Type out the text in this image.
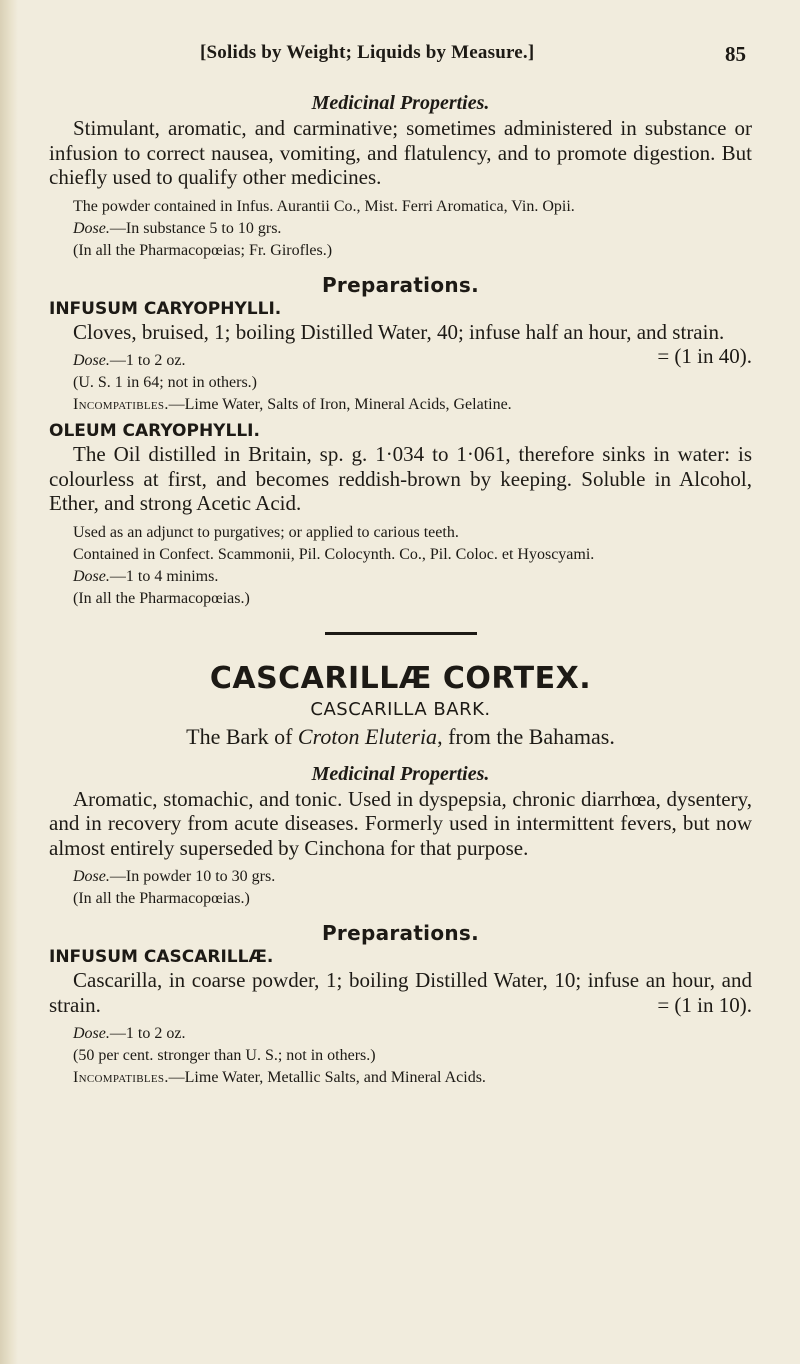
[Solids by Weight; Liquids by Measure.]	85
Medicinal Properties.

Stimulant, aromatic, and carminative; sometimes administered in substance or infusion to correct nausea, vomiting, and flatulency, and to promote digestion. But chiefly used to qualify other medicines.

The powder contained in Infus. Aurantii Co., Mist. Ferri Aromatica, Vin. Opii.

Dose.—In substance 5 to 10 grs.

(In all the Pharmacopœias; Fr. Girofles.)

Preparations.
INFUSUM CARYOPHYLLI.

Cloves, bruised, 1; boiling Distilled Water, 40; infuse half an hour, and strain.
= (1 in 40).

Dose.—1 to 2 oz.

(U. S. 1 in 64; not in others.)

Incompatibles.—Lime Water, Salts of Iron, Mineral Acids, Gelatine.

OLEUM CARYOPHYLLI.

The Oil distilled in Britain, sp. g. 1·034 to 1·061, therefore sinks in water: is colourless at first, and becomes reddish-brown by keeping. Soluble in Alcohol, Ether, and strong Acetic Acid.

Used as an adjunct to purgatives; or applied to carious teeth.

Contained in Confect. Scammonii, Pil. Colocynth. Co., Pil. Coloc. et Hyoscyami.

Dose.—1 to 4 minims.

(In all the Pharmacopœias.)

CASCARILLÆ CORTEX.
CASCARILLA BARK.
The Bark of Croton Eluteria, from the Bahamas.
Medicinal Properties.

Aromatic, stomachic, and tonic. Used in dyspepsia, chronic diarrhœa, dysentery, and in recovery from acute diseases. Formerly used in intermittent fevers, but now almost entirely superseded by Cinchona for that purpose.

Dose.—In powder 10 to 30 grs.

(In all the Pharmacopœias.)

Preparations.
INFUSUM CASCARILLÆ.

Cascarilla, in coarse powder, 1; boiling Distilled Water, 10; infuse an hour, and strain.	= (1 in 10).

Dose.—1 to 2 oz.

(50 per cent. stronger than U. S.; not in others.)

Incompatibles.—Lime Water, Metallic Salts, and Mineral Acids.
